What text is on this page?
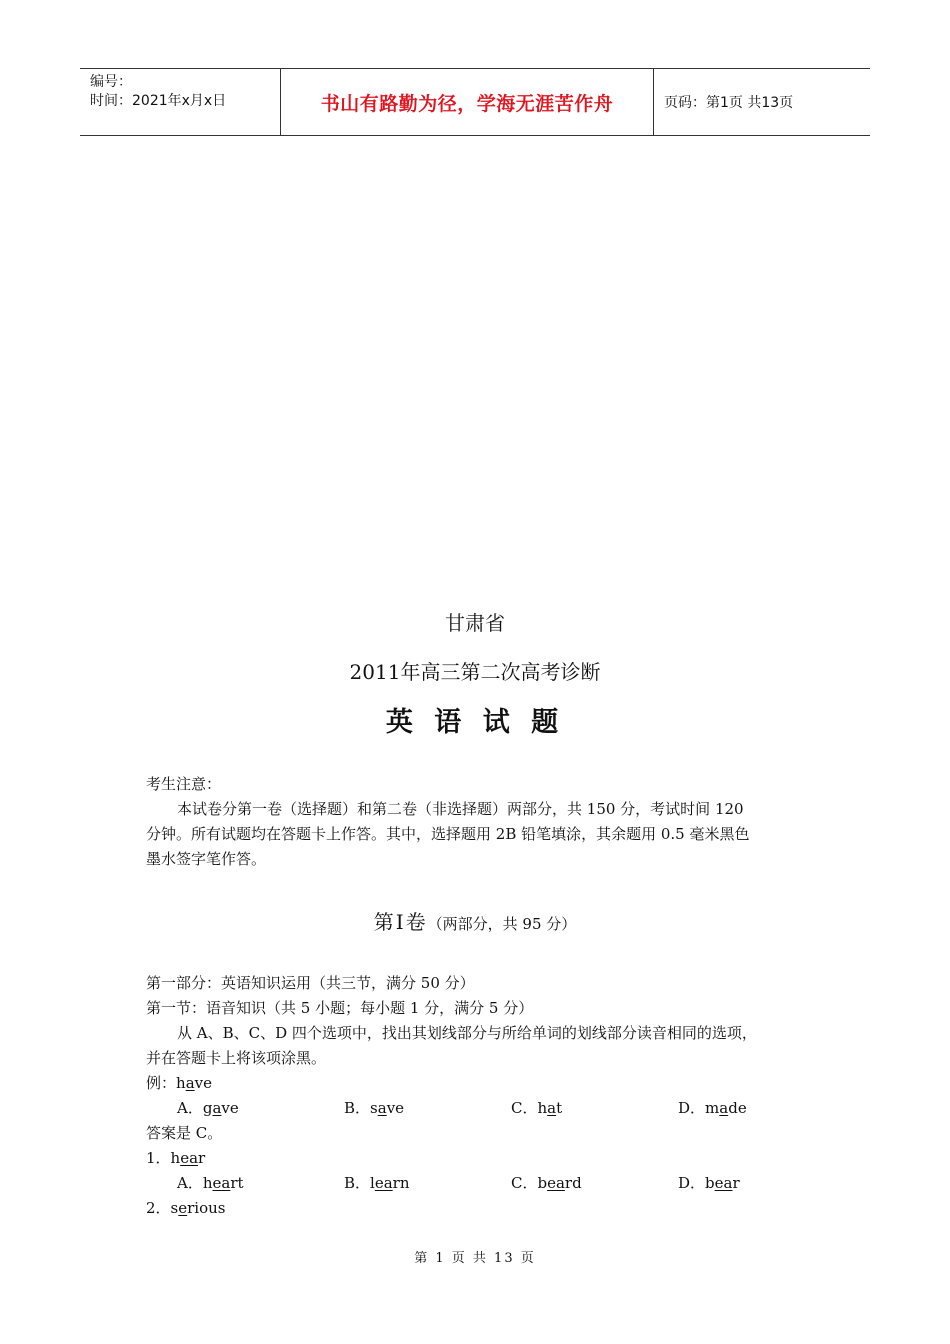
编号：
时间：2021年x月x日	书山有路勤为径，学海无涯苦作舟	页码：第1页 共13页
甘肃省
2011年高三第二次高考诊断
英 语 试 题
考生注意：
本试卷分第一卷（选择题）和第二卷（非选择题）两部分，共 150 分，考试时间 120
分钟。所有试题均在答题卡上作答。其中，选择题用 2B 铅笔填涂，其余题用 0.5 毫米黑色
墨水签字笔作答。
第Ⅰ卷（两部分，共 95 分）
第一部分：英语知识运用（共三节，满分 50 分）
第一节：语音知识（共 5 小题；每小题 1 分，满分 5 分）
从 A、B、C、D 四个选项中，找出其划线部分与所给单词的划线部分读音相同的选项，
并在答题卡上将该项涂黑。
例：have
A．gave	B．save	C．hat	D．made
答案是 C。
1．hear
A．heart	B．learn	C．beard	D．bear
2．serious
第 1 页 共 13 页
